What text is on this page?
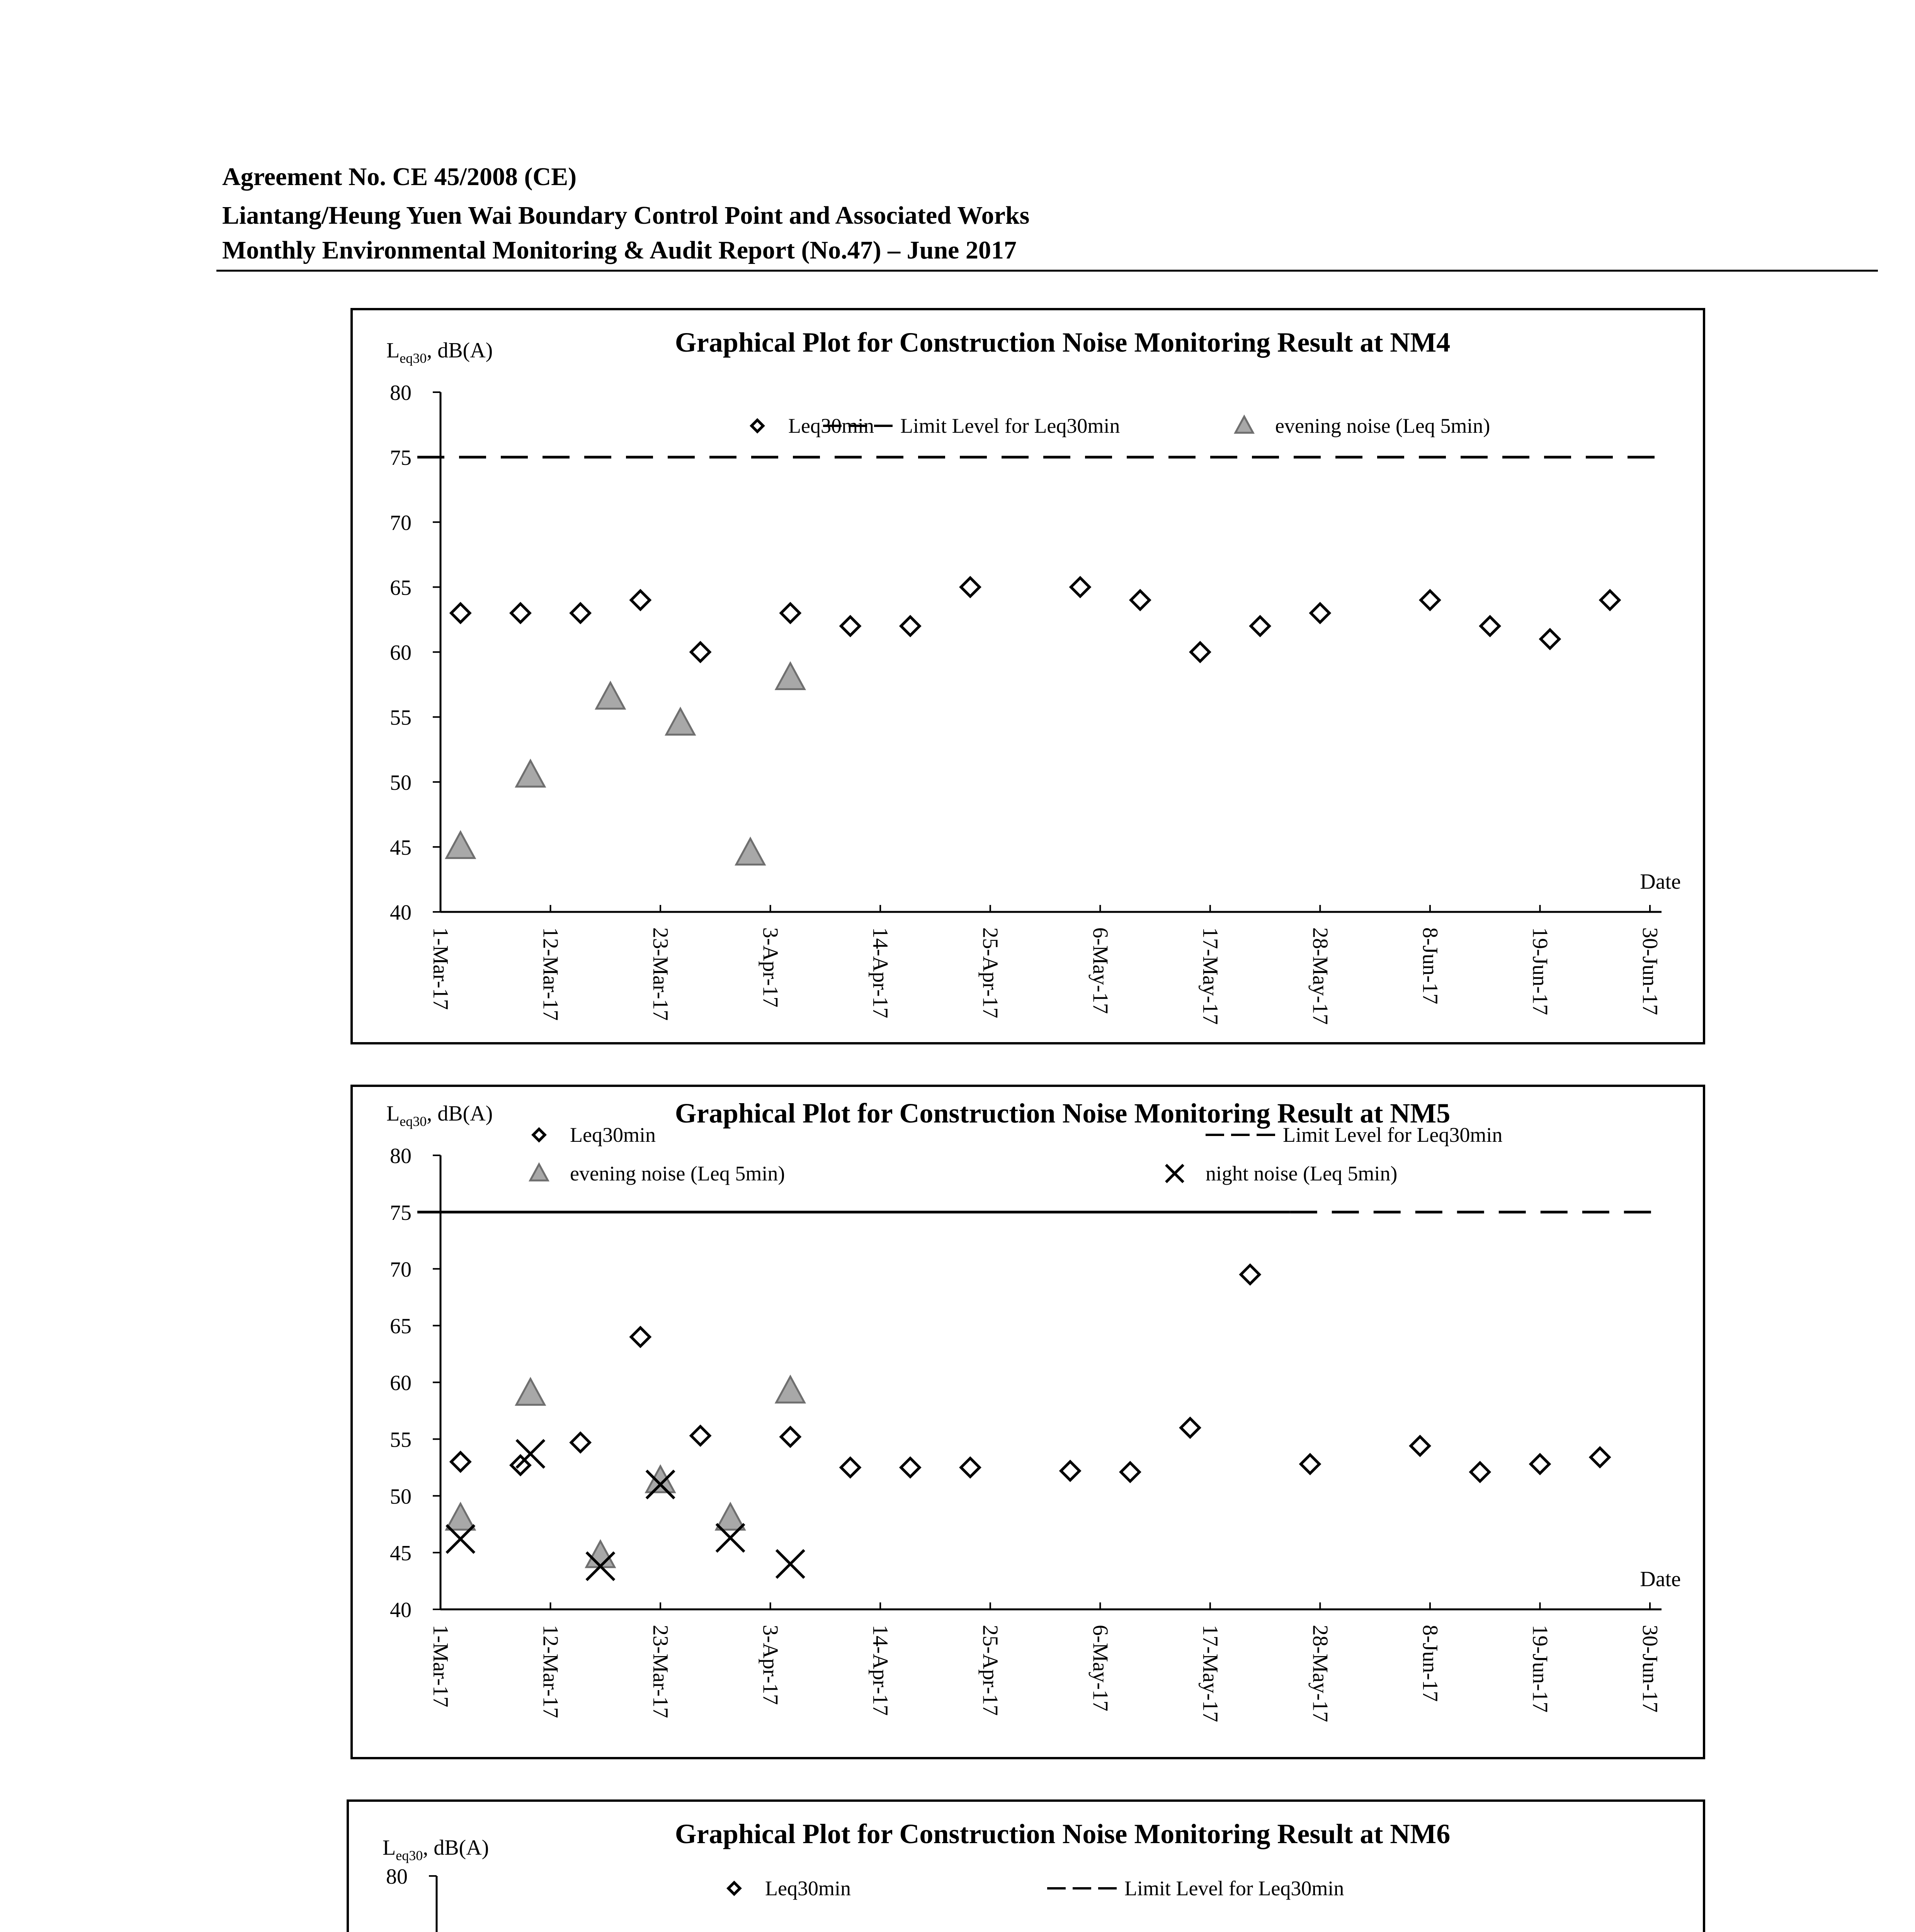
Agreement No. CE 45/2008 (CE)
Liantang/Heung Yuen Wai Boundary Control Point and Associated Works
Monthly Environmental Monitoring & Audit Report (No.47) – June 2017
Graphical Plot for Construction Noise Monitoring Result at NM4
$L_{eq30}$, dB(A)
40
45
50
55
60
65
70
75
80
1-Mar-17	12-Mar-17	23-Mar-17	3-Apr-17	14-Apr-17	25-Apr-17	6-May-17	17-May-17	28-May-17	8-Jun-17	19-Jun-17	30-Jun-17
Date
Leq30min Limit Level for Leq30min	evening noise (Leq 5min)
Graphical Plot for Construction Noise Monitoring Result at NM5
$L_{eq30}$, dB(A)
40
45
50
55
60
65
70
75
80
1-Mar-17	12-Mar-17	23-Mar-17	3-Apr-17	14-Apr-17	25-Apr-17	6-May-17	17-May-17	28-May-17	8-Jun-17	19-Jun-17	30-Jun-17
Date
Leq30min	Limit Level for Leq30min
evening noise (Leq 5min)	night noise (Leq 5min)
Graphical Plot for Construction Noise Monitoring Result at NM6
$L_{eq30}$, dB(A)
80	Leq30min	Limit Level for Leq30min
